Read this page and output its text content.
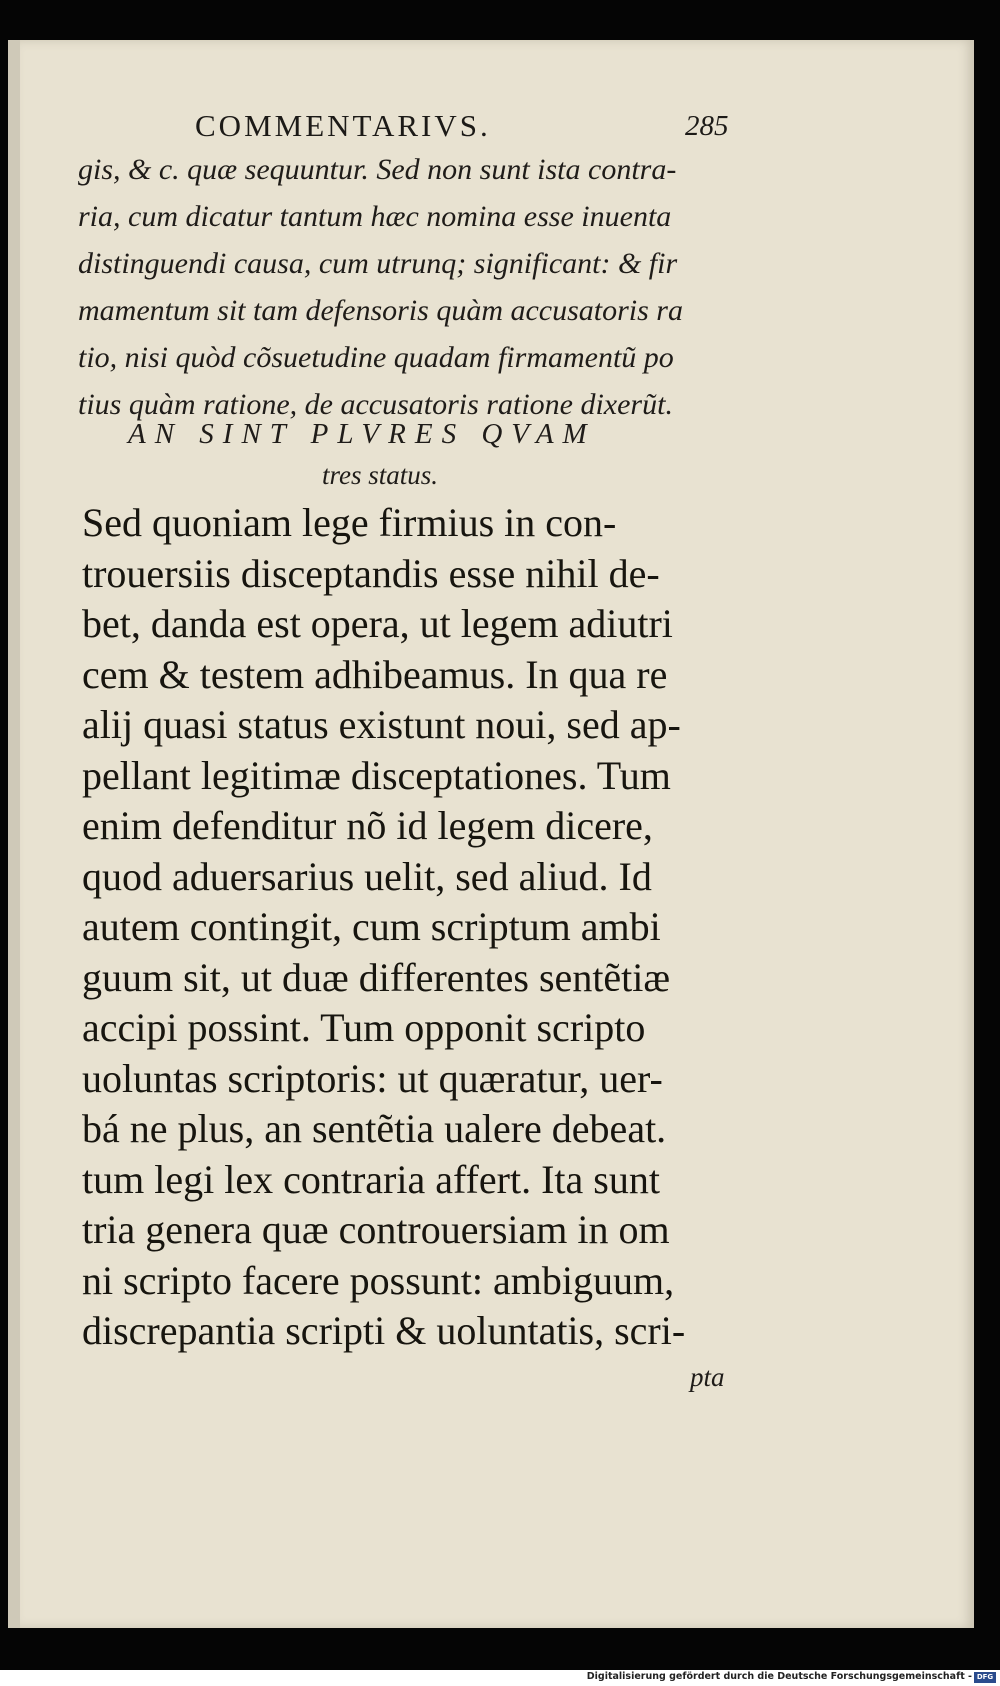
COMMENTARIVS.	285
gis, & c. quæ sequuntur. Sed non sunt ista contra-
ria, cum dicatur tantum hæc nomina esse inuenta
distinguendi causa, cum utrunq; significant: & fir
mamentum sit tam defensoris quàm accusatoris ra
tio, nisi quòd cõsuetudine quadam firmamentũ po
tius quàm ratione, de accusatoris ratione dixerũt.
AN SINT PLVRES QVAM
tres status.
Sed quoniam lege firmius in con-
trouersiis disceptandis esse nihil de-
bet, danda est opera, ut legem adiutri
cem & testem adhibeamus. In qua re
alij quasi status existunt noui, sed ap-
pellant legitimæ disceptationes. Tum
enim defenditur nõ id legem dicere,
quod aduersarius uelit, sed aliud. Id
autem contingit, cum scriptum ambi
guum sit, ut duæ differentes sentẽtiæ
accipi possint. Tum opponit scripto
uoluntas scriptoris: ut quæratur, uer-
bá ne plus, an sentẽtia ualere debeat.
tum legi lex contraria affert. Ita sunt
tria genera quæ controuersiam in om
ni scripto facere possunt: ambiguum,
discrepantia scripti & uoluntatis, scri-
pta
Digitalisierung gefördert durch die Deutsche Forschungsgemeinschaft - DFG
